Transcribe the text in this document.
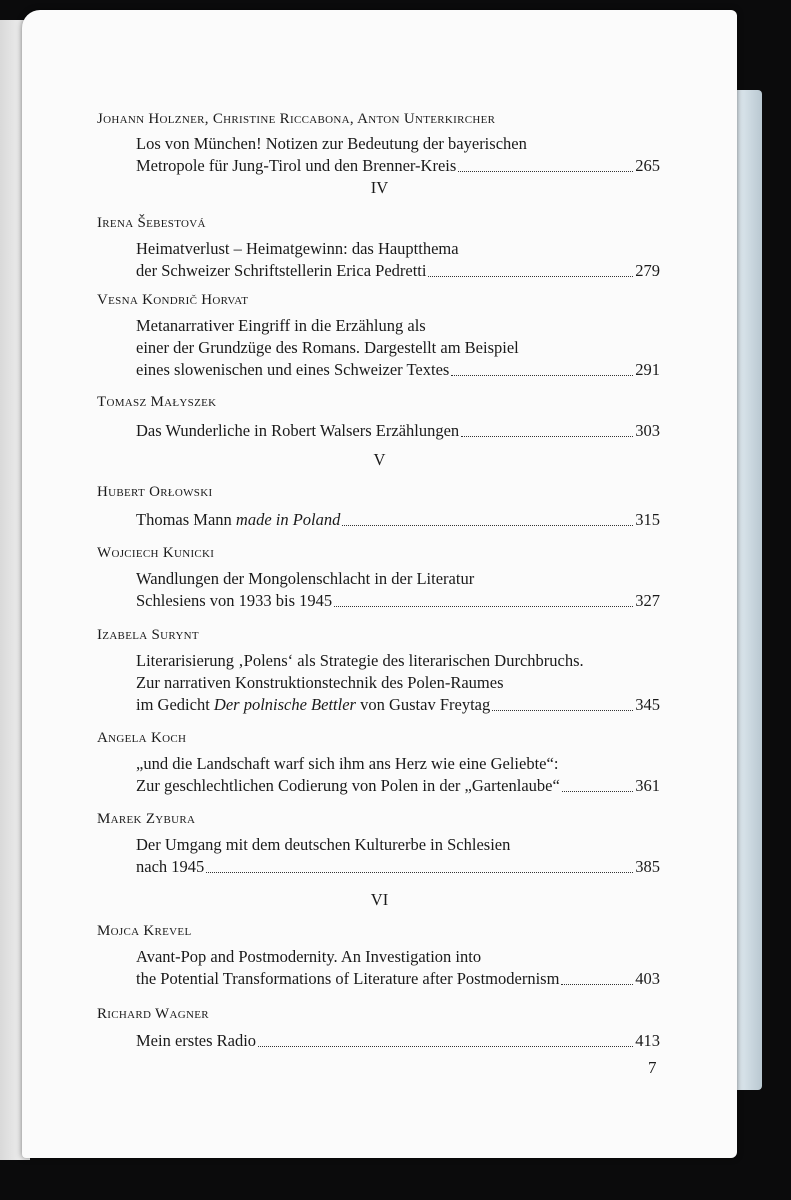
Johann Holzner, Christine Riccabona, Anton Unterkircher
Los von München! Notizen zur Bedeutung der bayerischen
Metropole für Jung-Tirol und den Brenner-Kreis	265
IV
Irena Šebestová
Heimatverlust – Heimatgewinn: das Hauptthema
der Schweizer Schriftstellerin Erica Pedretti	279
Vesna Kondrič Horvat
Metanarrativer Eingriff in die Erzählung als
einer der Grundzüge des Romans. Dargestellt am Beispiel
eines slowenischen und eines Schweizer Textes	291
Tomasz Małyszek
Das Wunderliche in Robert Walsers Erzählungen	303
V
Hubert Orłowski
Thomas Mann made in Poland	315
Wojciech Kunicki
Wandlungen der Mongolenschlacht in der Literatur
Schlesiens von 1933 bis 1945	327
Izabela Surynt
Literarisierung ‚Polens‘ als Strategie des literarischen Durchbruchs.
Zur narrativen Konstruktionstechnik des Polen-Raumes
im Gedicht Der polnische Bettler von Gustav Freytag	345
Angela Koch
„und die Landschaft warf sich ihm ans Herz wie eine Geliebte“:
Zur geschlechtlichen Codierung von Polen in der „Gartenlaube“	361
Marek Zybura
Der Umgang mit dem deutschen Kulturerbe in Schlesien
nach 1945	385
VI
Mojca Krevel
Avant-Pop and Postmodernity. An Investigation into
the Potential Transformations of Literature after Postmodernism	403
Richard Wagner
Mein erstes Radio	413
7
